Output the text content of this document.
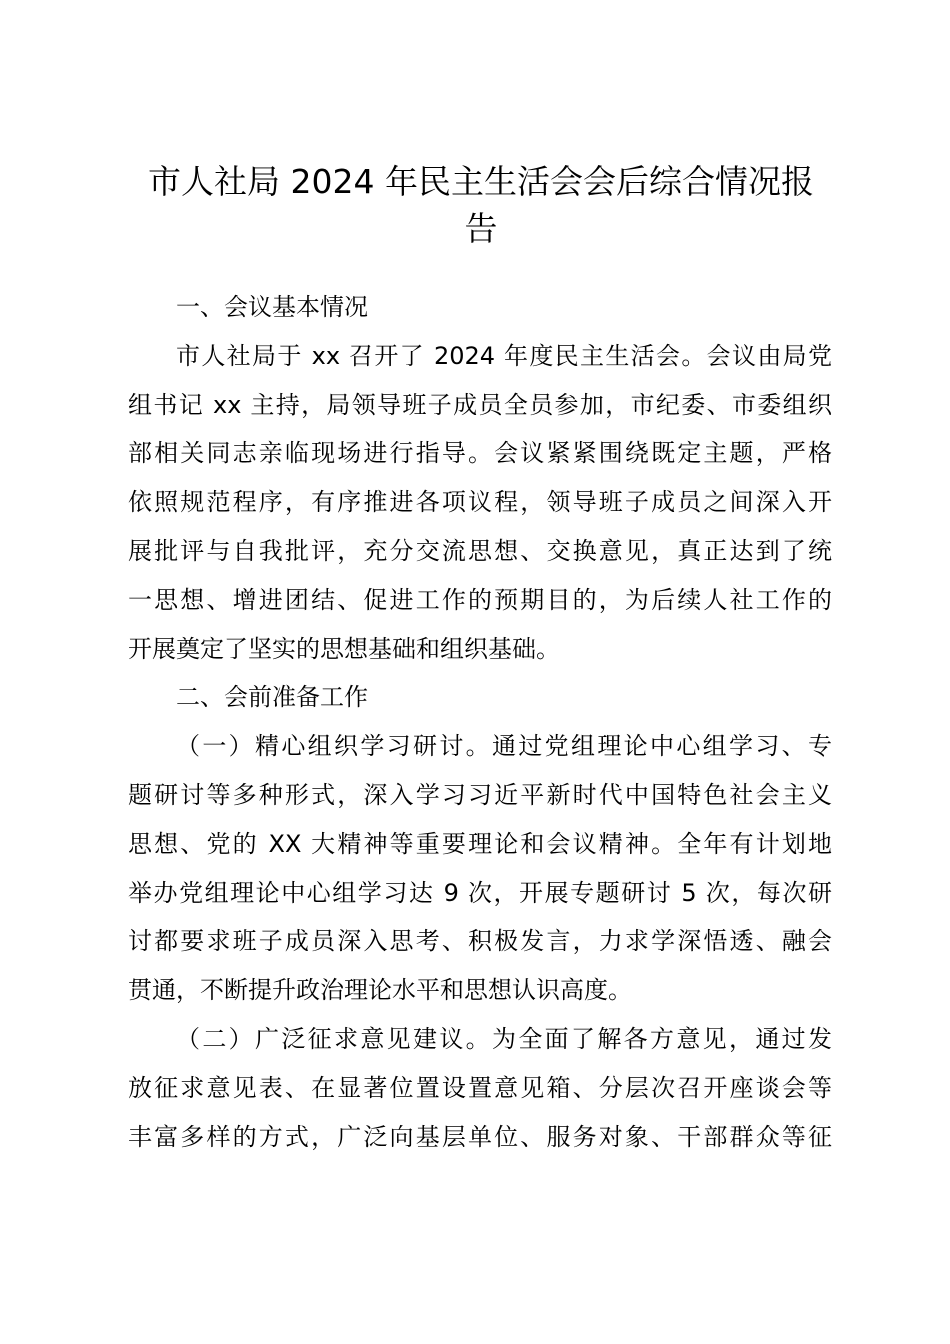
市人社局 2024 年民主生活会会后综合情况报
告

一、会议基本情况

市人社局于 xx 召开了 2024 年度民主生活会。会议由局党
组书记 xx 主持，局领导班子成员全员参加，市纪委、市委组织
部相关同志亲临现场进行指导。会议紧紧围绕既定主题，严格
依照规范程序，有序推进各项议程，领导班子成员之间深入开
展批评与自我批评，充分交流思想、交换意见，真正达到了统
一思想、增进团结、促进工作的预期目的，为后续人社工作的
开展奠定了坚实的思想基础和组织基础。

二、会前准备工作

（一）精心组织学习研讨。通过党组理论中心组学习、专
题研讨等多种形式，深入学习习近平新时代中国特色社会主义
思想、党的 XX 大精神等重要理论和会议精神。全年有计划地
举办党组理论中心组学习达 9 次，开展专题研讨 5 次，每次研
讨都要求班子成员深入思考、积极发言，力求学深悟透、融会
贯通，不断提升政治理论水平和思想认识高度。
（二）广泛征求意见建议。为全面了解各方意见，通过发
放征求意见表、在显著位置设置意见箱、分层次召开座谈会等
丰富多样的方式，广泛向基层单位、服务对象、干部群众等征
